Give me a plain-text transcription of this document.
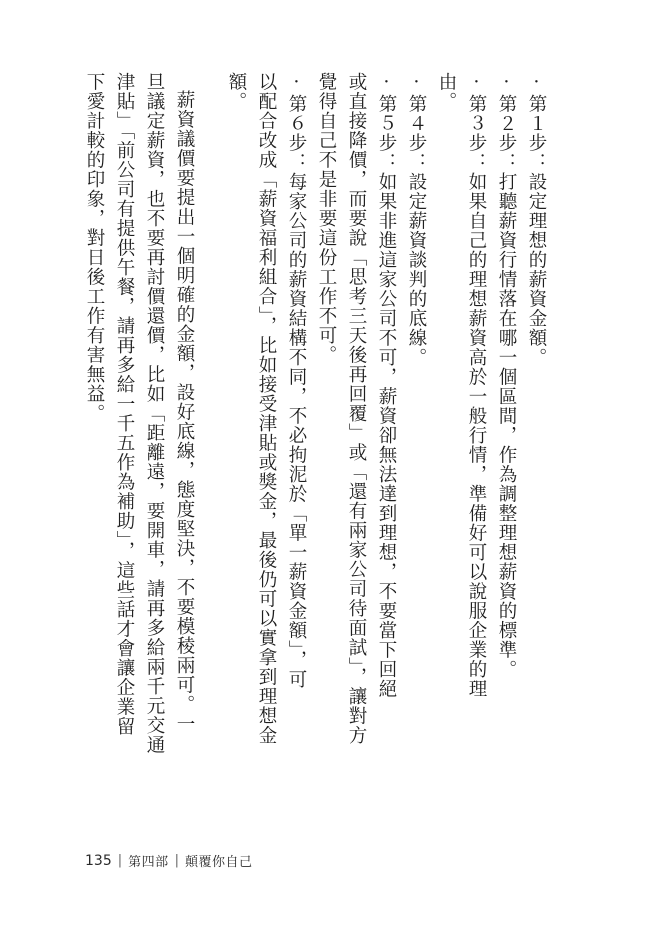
·第１步：設定理想的薪資金額。
·第２步：打聽薪資行情落在哪一個區間，作為調整理想薪資的標準。
·第３步：如果自己的理想薪資高於一般行情，準備好可以說服企業的理
由。
·第４步：設定薪資談判的底線。
·第５步：如果非進這家公司不可，薪資卻無法達到理想，不要當下回絕
或直接降價，而要說「思考三天後再回覆」或「還有兩家公司待面試」，讓對方
覺得自己不是非要這份工作不可。
·第６步：每家公司的薪資結構不同，不必拘泥於「單一薪資金額」，可
以配合改成「薪資福利組合」，比如接受津貼或獎金，最後仍可以實拿到理想金
額。
薪資議價要提出一個明確的金額，設好底線，態度堅決，不要模稜兩可。一
旦議定薪資，也不要再討價還價，比如「距離遠，要開車，請再多給兩千元交通
津貼」「前公司有提供午餐，請再多給一千五作為補助」，這些話才會讓企業留
下愛計較的印象，對日後工作有害無益。
135 | 第四部 | 顛覆你自己
